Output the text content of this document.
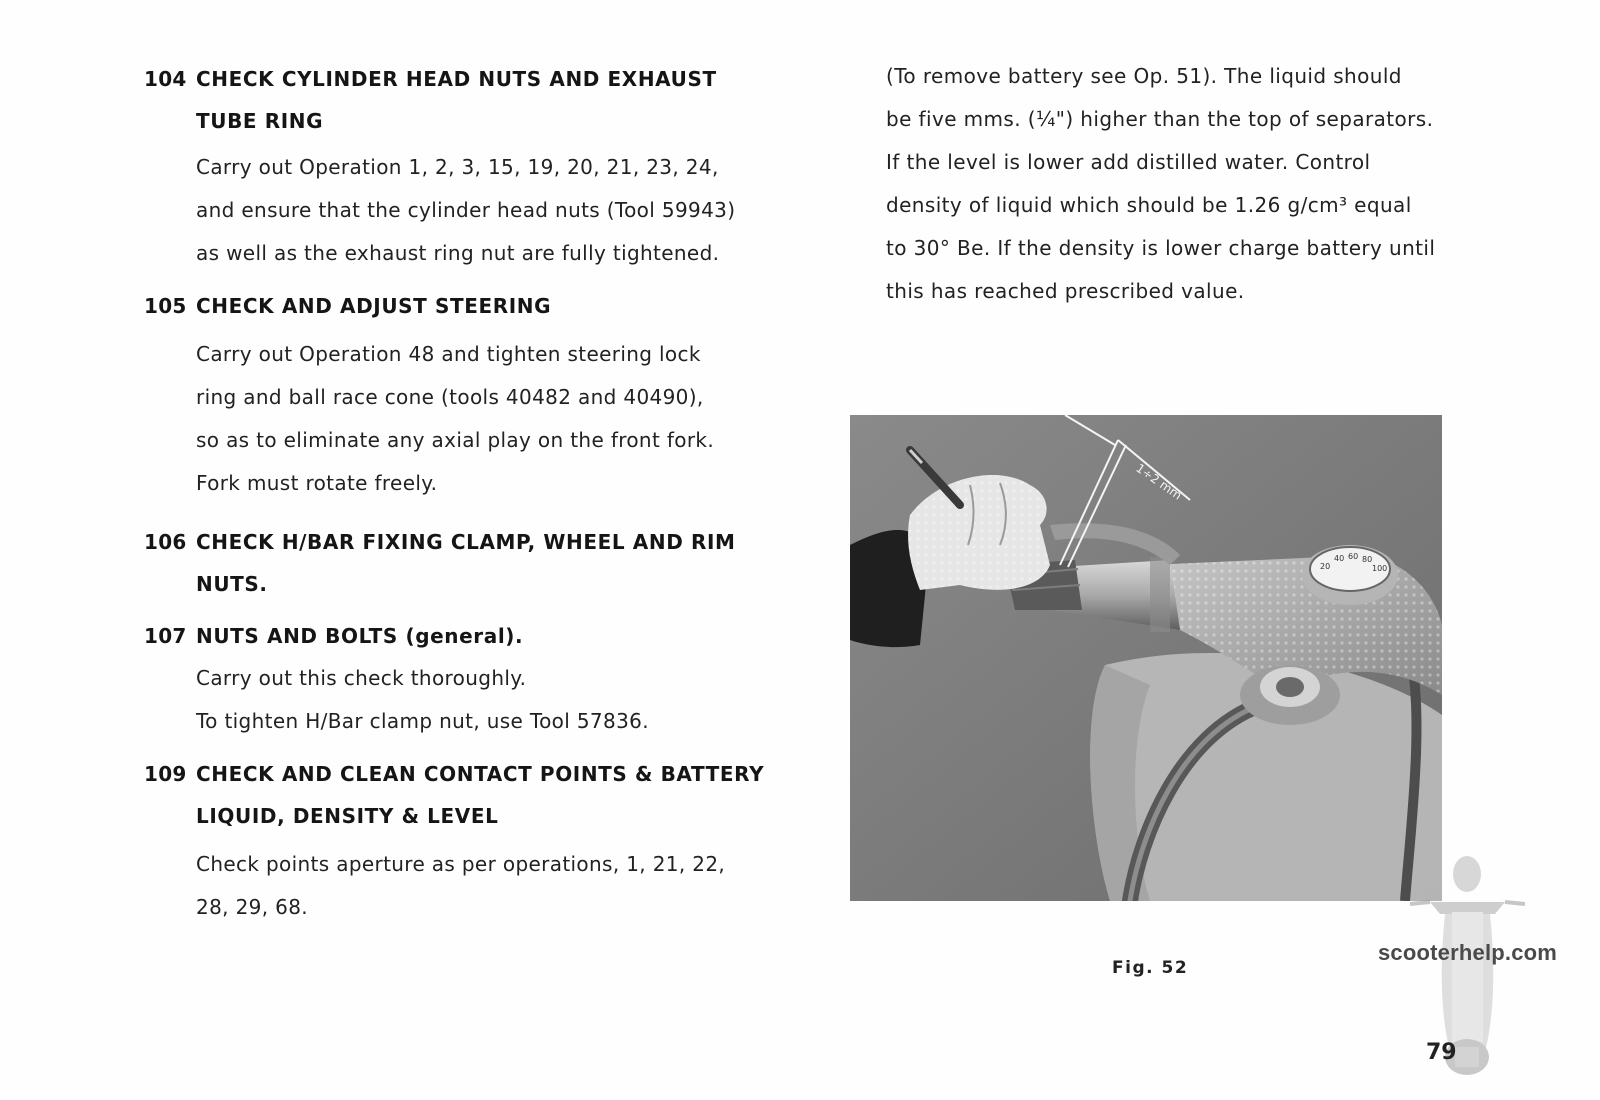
104 CHECK CYLINDER HEAD NUTS AND EXHAUST
TUBE RING

Carry out Operation 1, 2, 3, 15, 19, 20, 21, 23, 24,

and ensure that the cylinder head nuts (Tool 59943)

as well as the exhaust ring nut are fully tightened.

105 CHECK AND ADJUST STEERING

Carry out Operation 48 and tighten steering lock

ring and ball race cone (tools 40482 and 40490),

so as to eliminate any axial play on the front fork.

Fork must rotate freely.

106 CHECK H/BAR FIXING CLAMP, WHEEL AND RIM
NUTS.
107 NUTS AND BOLTS (general).

Carry out this check thoroughly.

To tighten H/Bar clamp nut, use Tool 57836.

109 CHECK AND CLEAN CONTACT POINTS & BATTERY
LIQUID, DENSITY & LEVEL

Check points aperture as per operations, 1, 21, 22,

28, 29, 68.

(To remove battery see Op. 51). The liquid should

be five mms. (¼") higher than the top of separators.

If the level is lower add distilled water. Control

density of liquid which should be 1.26 g/cm³ equal

to 30° Be. If the density is lower charge battery until

this has reached prescribed value.

20
40 60 80
100
1÷2 mm
Fig. 52
scooterhelp.com
79
